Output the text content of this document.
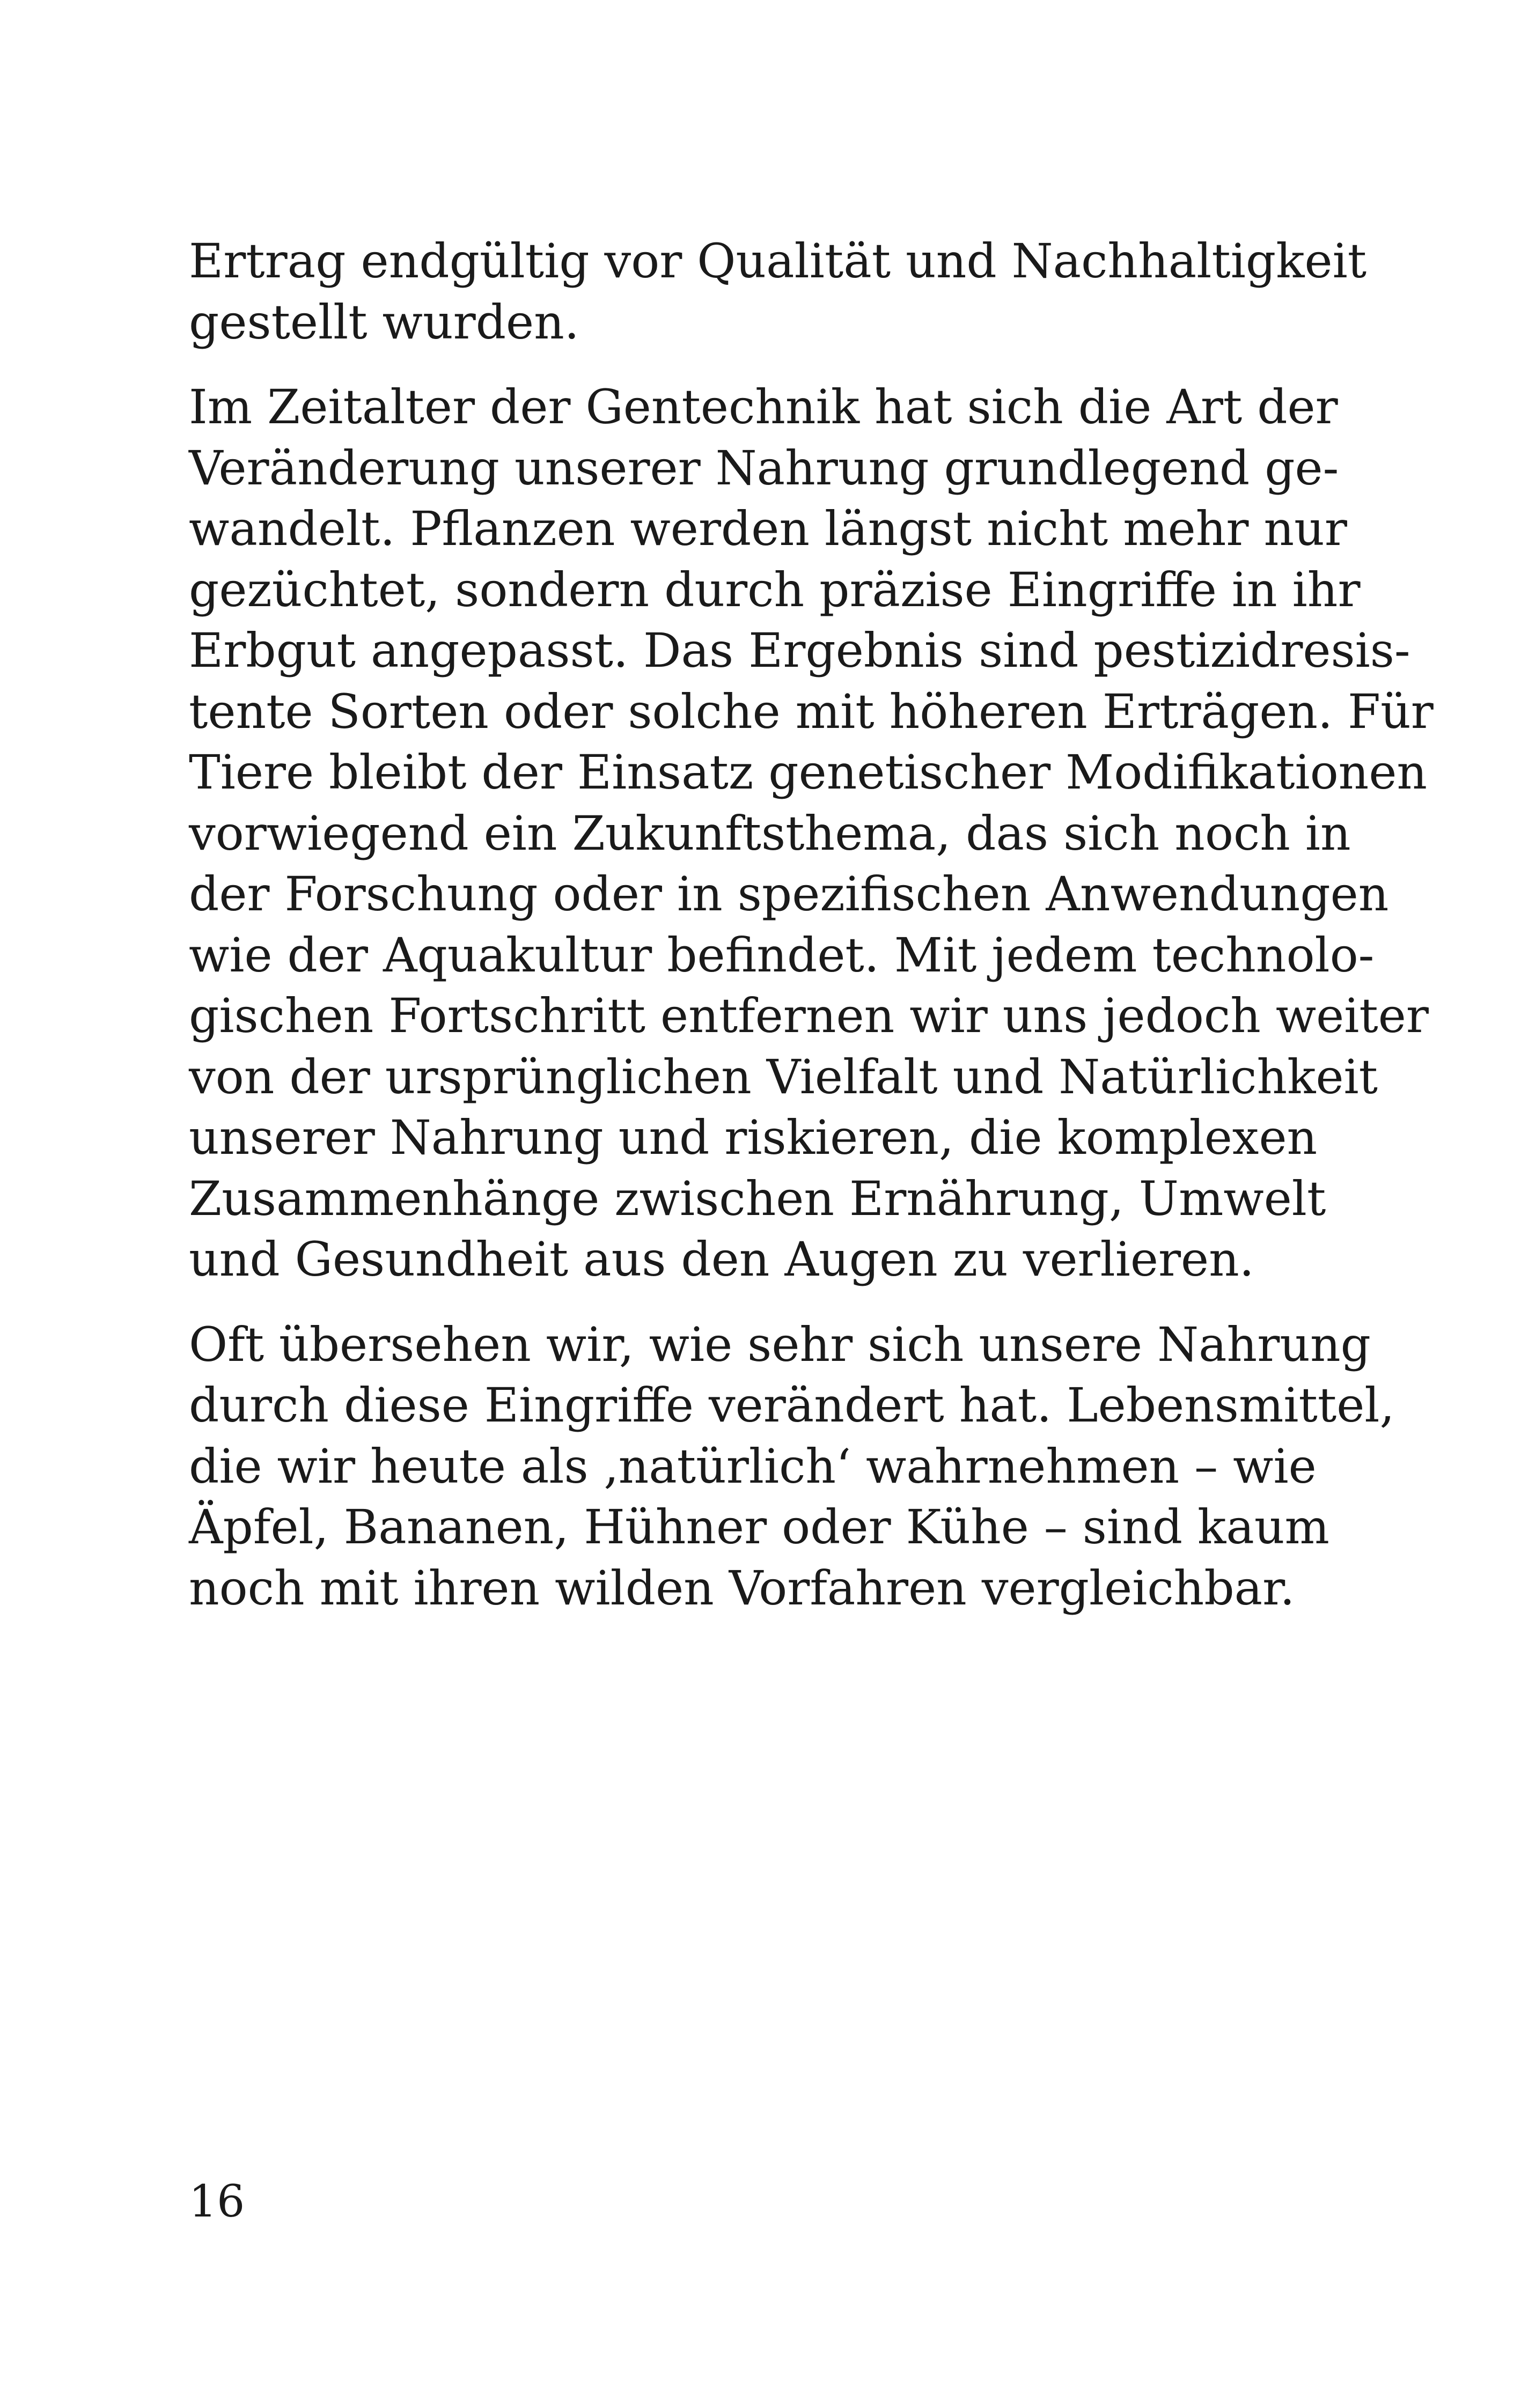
Ertrag endgültig vor Qualität und Nachhaltigkeit
gestellt wurden.

Im Zeitalter der Gentechnik hat sich die Art der
Veränderung unserer Nahrung grundlegend ge-
wandelt. Pflanzen werden längst nicht mehr nur
gezüchtet, sondern durch präzise Eingriffe in ihr
Erbgut angepasst. Das Ergebnis sind pestizidresis-
tente Sorten oder solche mit höheren Erträgen. Für
Tiere bleibt der Einsatz genetischer Modifikationen
vorwiegend ein Zukunftsthema, das sich noch in
der Forschung oder in spezifischen Anwendungen
wie der Aquakultur befindet. Mit jedem technolo-
gischen Fortschritt entfernen wir uns jedoch weiter
von der ursprünglichen Vielfalt und Natürlichkeit
unserer Nahrung und riskieren, die komplexen
Zusammenhänge zwischen Ernährung, Umwelt
und Gesundheit aus den Augen zu verlieren.

Oft übersehen wir, wie sehr sich unsere Nahrung
durch diese Eingriffe verändert hat. Lebensmittel,
die wir heute als ‚natürlich‘ wahrnehmen – wie
Äpfel, Bananen, Hühner oder Kühe – sind kaum
noch mit ihren wilden Vorfahren vergleichbar.

16
